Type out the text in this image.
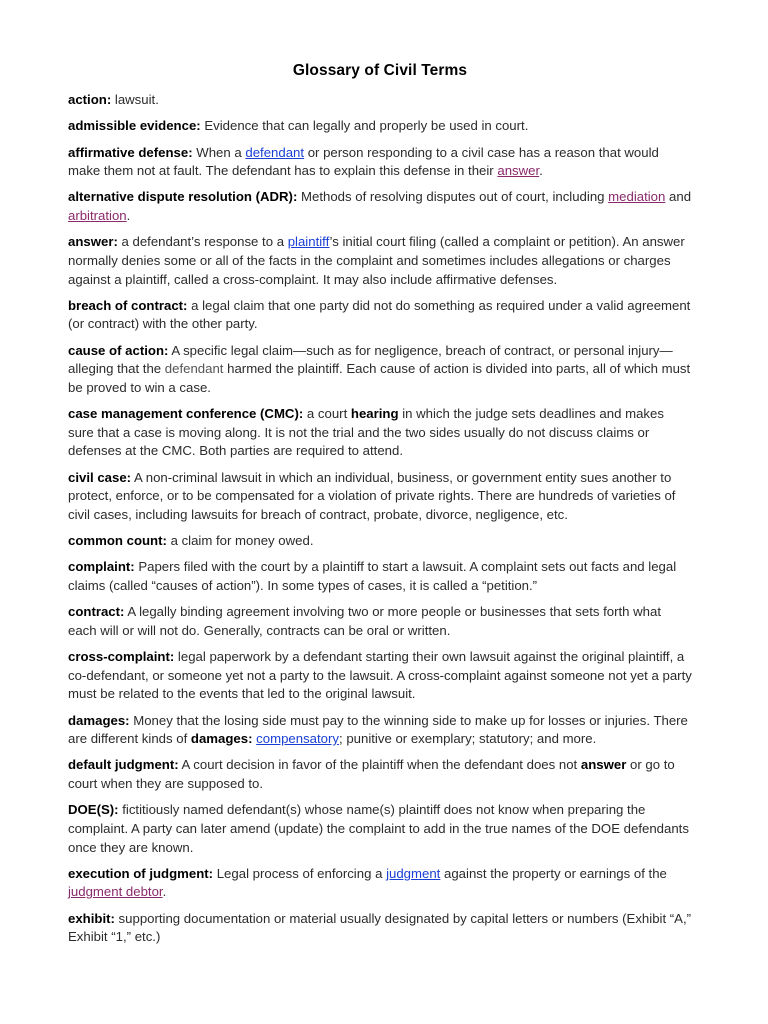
Glossary of Civil Terms
action: lawsuit.
admissible evidence: Evidence that can legally and properly be used in court.
affirmative defense: When a defendant or person responding to a civil case has a reason that would make them not at fault. The defendant has to explain this defense in their answer.
alternative dispute resolution (ADR): Methods of resolving disputes out of court, including mediation and arbitration.
answer: a defendant’s response to a plaintiff’s initial court filing (called a complaint or petition). An answer normally denies some or all of the facts in the complaint and sometimes includes allegations or charges against a plaintiff, called a cross-complaint. It may also include affirmative defenses.
breach of contract: a legal claim that one party did not do something as required under a valid agreement (or contract) with the other party.
cause of action: A specific legal claim—such as for negligence, breach of contract, or personal injury— alleging that the defendant harmed the plaintiff. Each cause of action is divided into parts, all of which must be proved to win a case.
case management conference (CMC): a court hearing in which the judge sets deadlines and makes sure that a case is moving along. It is not the trial and the two sides usually do not discuss claims or defenses at the CMC. Both parties are required to attend.
civil case: A non-criminal lawsuit in which an individual, business, or government entity sues another to protect, enforce, or to be compensated for a violation of private rights. There are hundreds of varieties of civil cases, including lawsuits for breach of contract, probate, divorce, negligence, etc.
common count: a claim for money owed.
complaint: Papers filed with the court by a plaintiff to start a lawsuit. A complaint sets out facts and legal claims (called “causes of action”). In some types of cases, it is called a “petition.”
contract: A legally binding agreement involving two or more people or businesses that sets forth what each will or will not do. Generally, contracts can be oral or written.
cross-complaint: legal paperwork by a defendant starting their own lawsuit against the original plaintiff, a co-defendant, or someone yet not a party to the lawsuit. A cross-complaint against someone not yet a party must be related to the events that led to the original lawsuit.
damages: Money that the losing side must pay to the winning side to make up for losses or injuries. There are different kinds of damages: compensatory; punitive or exemplary; statutory; and more.
default judgment: A court decision in favor of the plaintiff when the defendant does not answer or go to court when they are supposed to.
DOE(S): fictitiously named defendant(s) whose name(s) plaintiff does not know when preparing the complaint. A party can later amend (update) the complaint to add in the true names of the DOE defendants once they are known.
execution of judgment: Legal process of enforcing a judgment against the property or earnings of the judgment debtor.
exhibit: supporting documentation or material usually designated by capital letters or numbers (Exhibit “A,” Exhibit “1,” etc.)
